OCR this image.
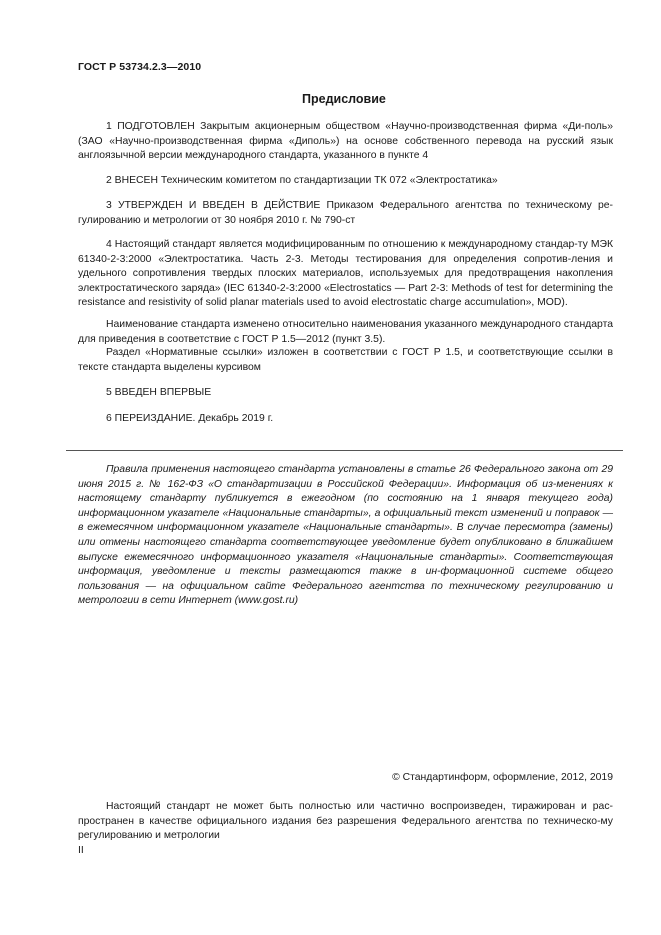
ГОСТ Р 53734.2.3—2010
Предисловие

1 ПОДГОТОВЛЕН Закрытым акционерным обществом «Научно-производственная фирма «Ди-поль» (ЗАО «Научно-производственная фирма «Диполь») на основе собственного перевода на русский язык англоязычной версии международного стандарта, указанного в пункте 4

2 ВНЕСЕН Техническим комитетом по стандартизации ТК 072 «Электростатика»

3 УТВЕРЖДЕН И ВВЕДЕН В ДЕЙСТВИЕ Приказом Федерального агентства по техническому ре-гулированию и метрологии от 30 ноября 2010 г. № 790-ст

4 Настоящий стандарт является модифицированным по отношению к международному стандар-ту МЭК 61340-2-3:2000 «Электростатика. Часть 2-3. Методы тестирования для определения сопротив-ления и удельного сопротивления твердых плоских материалов, используемых для предотвращения накопления электростатического заряда» (IEC 61340-2-3:2000 «Electrostatics — Part 2-3: Methods of test for determining the resistance and resistivity of solid planar materials used to avoid electrostatic charge accumulation», MOD).

Наименование стандарта изменено относительно наименования указанного международного стандарта для приведения в соответствие с ГОСТ Р 1.5—2012 (пункт 3.5).

Раздел «Нормативные ссылки» изложен в соответствии с ГОСТ Р 1.5, и соответствующие ссылки в тексте стандарта выделены курсивом

5 ВВЕДЕН ВПЕРВЫЕ

6 ПЕРЕИЗДАНИЕ. Декабрь 2019 г.

Правила применения настоящего стандарта установлены в статье 26 Федерального закона от 29 июня 2015 г. № 162-ФЗ «О стандартизации в Российской Федерации». Информация об из-менениях к настоящему стандарту публикуется в ежегодном (по состоянию на 1 января текущего года) информационном указателе «Национальные стандарты», а официальный текст изменений и поправок — в ежемесячном информационном указателе «Национальные стандарты». В случае пересмотра (замены) или отмены настоящего стандарта соответствующее уведомление будет опубликовано в ближайшем выпуске ежемесячного информационного указателя «Национальные стандарты». Соответствующая информация, уведомление и тексты размещаются также в ин-формационной системе общего пользования — на официальном сайте Федерального агентства по техническому регулированию и метрологии в сети Интернет (www.gost.ru)

© Стандартинформ, оформление, 2012, 2019

Настоящий стандарт не может быть полностью или частично воспроизведен, тиражирован и рас-пространен в качестве официального издания без разрешения Федерального агентства по техническо-му регулированию и метрологии

II
